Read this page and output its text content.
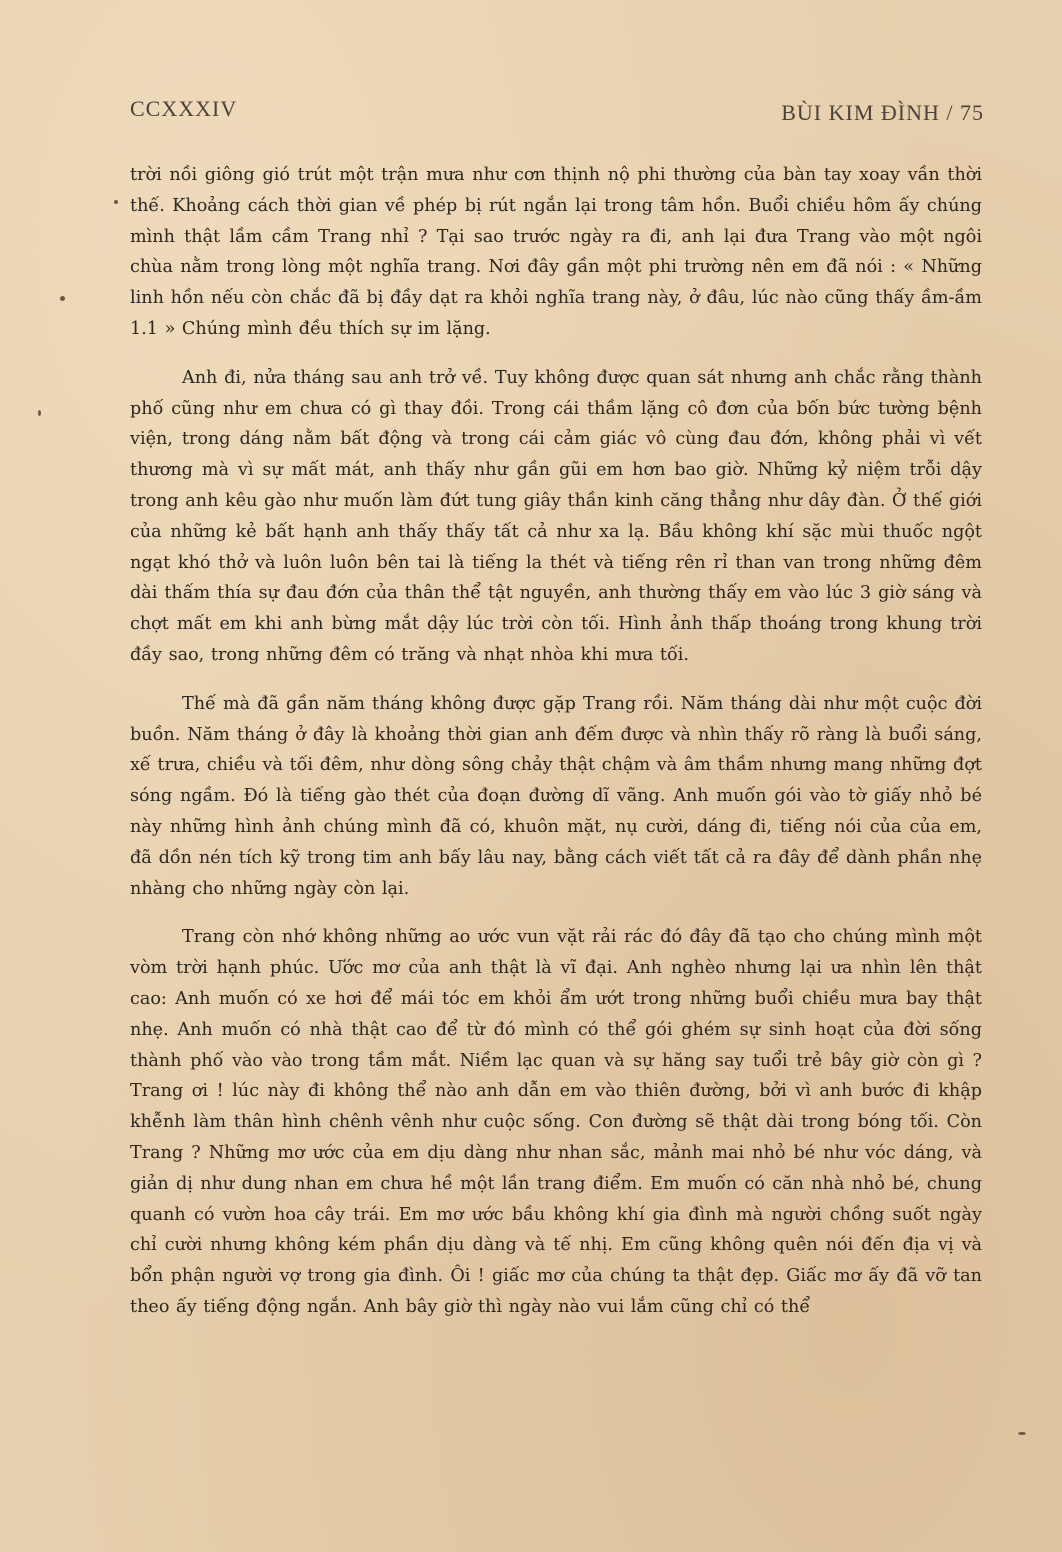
CCXXXIV	BÙI KIM ĐÌNH / 75

trời nồi giông gió trút một trận mưa như cơn thịnh nộ phi thường của bàn tay xoay vần thời thế. Khoảng cách thời gian về phép bị rút ngắn lại trong tâm hồn. Buổi chiều hôm ấy chúng mình thật lầm cầm Trang nhỉ ? Tại sao trước ngày ra đi, anh lại đưa Trang vào một ngôi chùa nằm trong lòng một nghĩa trang. Nơi đây gần một phi trường nên em đã nói : « Những linh hồn nếu còn chắc đã bị đầy dạt ra khỏi nghĩa trang này, ở đâu, lúc nào cũng thấy ầm-ầm 1.1 » Chúng mình đều thích sự im lặng.

Anh đi, nửa tháng sau anh trở về. Tuy không được quan sát nhưng anh chắc rằng thành phố cũng như em chưa có gì thay đồi. Trong cái thầm lặng cô đơn của bốn bức tường bệnh viện, trong dáng nằm bất động và trong cái cảm giác vô cùng đau đớn, không phải vì vết thương mà vì sự mất mát, anh thấy như gần gũi em hơn bao giờ. Những kỷ niệm trỗi dậy trong anh kêu gào như muốn làm đứt tung giây thần kinh căng thẳng như dây đàn. Ở thế giới của những kẻ bất hạnh anh thấy thấy tất cả như xa lạ. Bầu không khí sặc mùi thuốc ngột ngạt khó thở và luôn luôn bên tai là tiếng la thét và tiếng rên rỉ than van trong những đêm dài thấm thía sự đau đớn của thân thể tật nguyền, anh thường thấy em vào lúc 3 giờ sáng và chợt mất em khi anh bừng mắt dậy lúc trời còn tối. Hình ảnh thấp thoáng trong khung trời đầy sao, trong những đêm có trăng và nhạt nhòa khi mưa tối.

Thế mà đã gần năm tháng không được gặp Trang rồi. Năm tháng dài như một cuộc đời buồn. Năm tháng ở đây là khoảng thời gian anh đếm được và nhìn thấy rõ ràng là buổi sáng, xế trưa, chiều và tối đêm, như dòng sông chảy thật chậm và âm thầm nhưng mang những đợt sóng ngầm. Đó là tiếng gào thét của đoạn đường dĩ vãng. Anh muốn gói vào tờ giấy nhỏ bé này những hình ảnh chúng mình đã có, khuôn mặt, nụ cười, dáng đi, tiếng nói của của em, đã dồn nén tích kỹ trong tim anh bấy lâu nay, bằng cách viết tất cả ra đây để dành phần nhẹ nhàng cho những ngày còn lại.

Trang còn nhớ không những ao ước vun vặt rải rác đó đây đã tạo cho chúng mình một vòm trời hạnh phúc. Ước mơ của anh thật là vĩ đại. Anh nghèo nhưng lại ưa nhìn lên thật cao: Anh muốn có xe hơi để mái tóc em khỏi ẩm ướt trong những buổi chiều mưa bay thật nhẹ. Anh muốn có nhà thật cao để từ đó mình có thể gói ghém sự sinh hoạt của đời sống thành phố vào vào trong tầm mắt. Niềm lạc quan và sự hăng say tuổi trẻ bây giờ còn gì ? Trang ơi ! lúc này đi không thể nào anh dẫn em vào thiên đường, bởi vì anh bước đi khập khễnh làm thân hình chênh vênh như cuộc sống. Con đường sẽ thật dài trong bóng tối. Còn Trang ? Những mơ ước của em dịu dàng như nhan sắc, mảnh mai nhỏ bé như vóc dáng, và giản dị như dung nhan em chưa hề một lần trang điểm. Em muốn có căn nhà nhỏ bé, chung quanh có vườn hoa cây trái. Em mơ ước bầu không khí gia đình mà người chồng suốt ngày chỉ cười nhưng không kém phần dịu dàng và tế nhị. Em cũng không quên nói đến địa vị và bổn phận người vợ trong gia đình. Ôi ! giấc mơ của chúng ta thật đẹp. Giấc mơ ấy đã vỡ tan theo ấy tiếng động ngắn. Anh bây giờ thì ngày nào vui lắm cũng chỉ có thể
